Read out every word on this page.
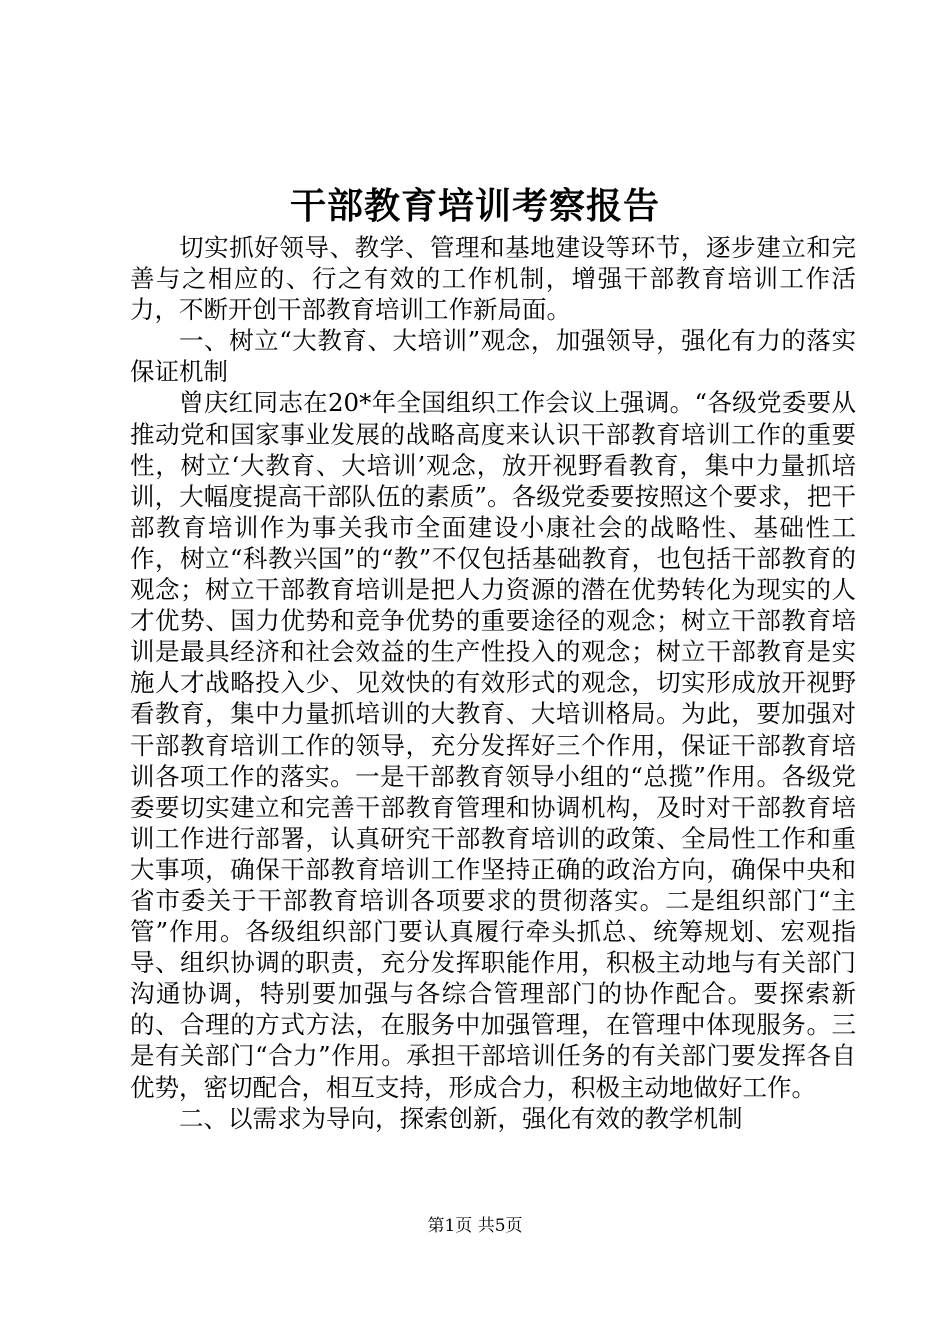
干部教育培训考察报告

切实抓好领导、教学、管理和基地建设等环节，逐步建立和完善与之相应的、行之有效的工作机制，增强干部教育培训工作活力，不断开创干部教育培训工作新局面。

一、树立“大教育、大培训”观念，加强领导，强化有力的落实保证机制

曾庆红同志在20*年全国组织工作会议上强调。“各级党委要从推动党和国家事业发展的战略高度来认识干部教育培训工作的重要性，树立‘大教育、大培训’观念，放开视野看教育，集中力量抓培训，大幅度提高干部队伍的素质”。各级党委要按照这个要求，把干部教育培训作为事关我市全面建设小康社会的战略性、基础性工作，树立“科教兴国”的“教”不仅包括基础教育，也包括干部教育的观念；树立干部教育培训是把人力资源的潜在优势转化为现实的人才优势、国力优势和竞争优势的重要途径的观念；树立干部教育培训是最具经济和社会效益的生产性投入的观念；树立干部教育是实施人才战略投入少、见效快的有效形式的观念，切实形成放开视野看教育，集中力量抓培训的大教育、大培训格局。为此，要加强对干部教育培训工作的领导，充分发挥好三个作用，保证干部教育培训各项工作的落实。一是干部教育领导小组的“总揽”作用。各级党委要切实建立和完善干部教育管理和协调机构，及时对干部教育培训工作进行部署，认真研究干部教育培训的政策、全局性工作和重大事项，确保干部教育培训工作坚持正确的政治方向，确保中央和省市委关于干部教育培训各项要求的贯彻落实。二是组织部门“主管”作用。各级组织部门要认真履行牵头抓总、统筹规划、宏观指导、组织协调的职责，充分发挥职能作用，积极主动地与有关部门沟通协调，特别要加强与各综合管理部门的协作配合。要探索新的、合理的方式方法，在服务中加强管理，在管理中体现服务。三是有关部门“合力”作用。承担干部培训任务的有关部门要发挥各自优势，密切配合，相互支持，形成合力，积极主动地做好工作。

二、以需求为导向，探索创新，强化有效的教学机制

第1页 共5页
